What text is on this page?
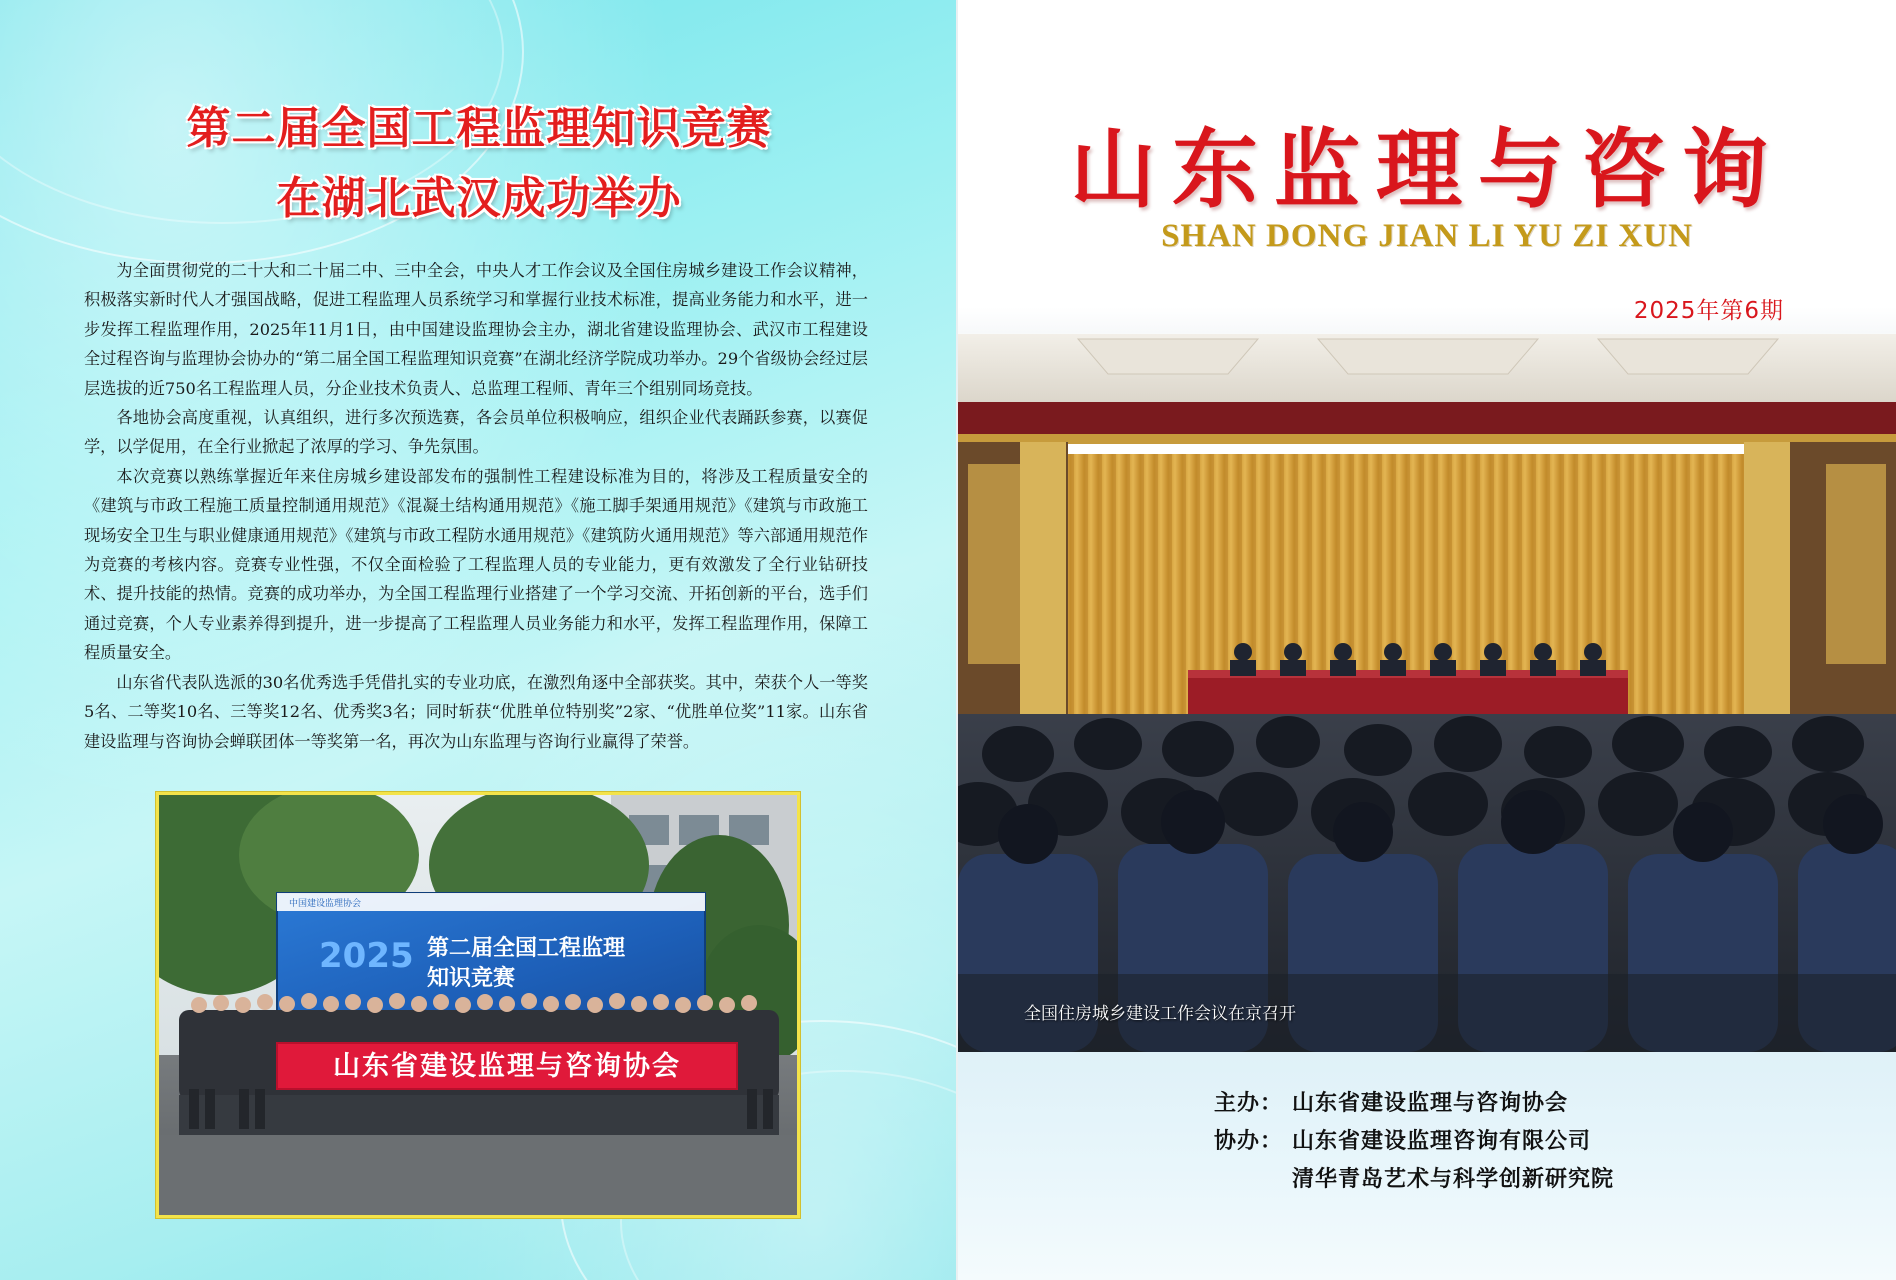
第二届全国工程监理知识竞赛
在湖北武汉成功举办

为全面贯彻党的二十大和二十届二中、三中全会，中央人才工作会议及全国住房城乡建设工作会议精神，积极落实新时代人才强国战略，促进工程监理人员系统学习和掌握行业技术标准，提高业务能力和水平，进一步发挥工程监理作用，2025年11月1日，由中国建设监理协会主办，湖北省建设监理协会、武汉市工程建设全过程咨询与监理协会协办的“第二届全国工程监理知识竞赛”在湖北经济学院成功举办。29个省级协会经过层层选拔的近750名工程监理人员，分企业技术负责人、总监理工程师、青年三个组别同场竞技。

各地协会高度重视，认真组织，进行多次预选赛，各会员单位积极响应，组织企业代表踊跃参赛，以赛促学，以学促用，在全行业掀起了浓厚的学习、争先氛围。

本次竞赛以熟练掌握近年来住房城乡建设部发布的强制性工程建设标准为目的，将涉及工程质量安全的《建筑与市政工程施工质量控制通用规范》《混凝土结构通用规范》《施工脚手架通用规范》《建筑与市政施工现场安全卫生与职业健康通用规范》《建筑与市政工程防水通用规范》《建筑防火通用规范》等六部通用规范作为竞赛的考核内容。竞赛专业性强，不仅全面检验了工程监理人员的专业能力，更有效激发了全行业钻研技术、提升技能的热情。竞赛的成功举办，为全国工程监理行业搭建了一个学习交流、开拓创新的平台，选手们通过竞赛，个人专业素养得到提升，进一步提高了工程监理人员业务能力和水平，发挥工程监理作用，保障工程质量安全。

山东省代表队选派的30名优秀选手凭借扎实的专业功底，在激烈角逐中全部获奖。其中，荣获个人一等奖5名、二等奖10名、三等奖12名、优秀奖3名；同时斩获“优胜单位特别奖”2家、“优胜单位奖”11家。山东省建设监理与咨询协会蝉联团体一等奖第一名，再次为山东监理与咨询行业赢得了荣誉。

中国建设监理协会
2025 第二届全国工程监理
知识竞赛
山东省建设监理与咨询协会
山东监理与咨询
SHAN DONG JIAN LI YU ZI XUN
2025年第6期
全国住房城乡建设工作会议在京召开
主办： 山东省建设监理与咨询协会
协办： 山东省建设监理咨询有限公司
清华青岛艺术与科学创新研究院
